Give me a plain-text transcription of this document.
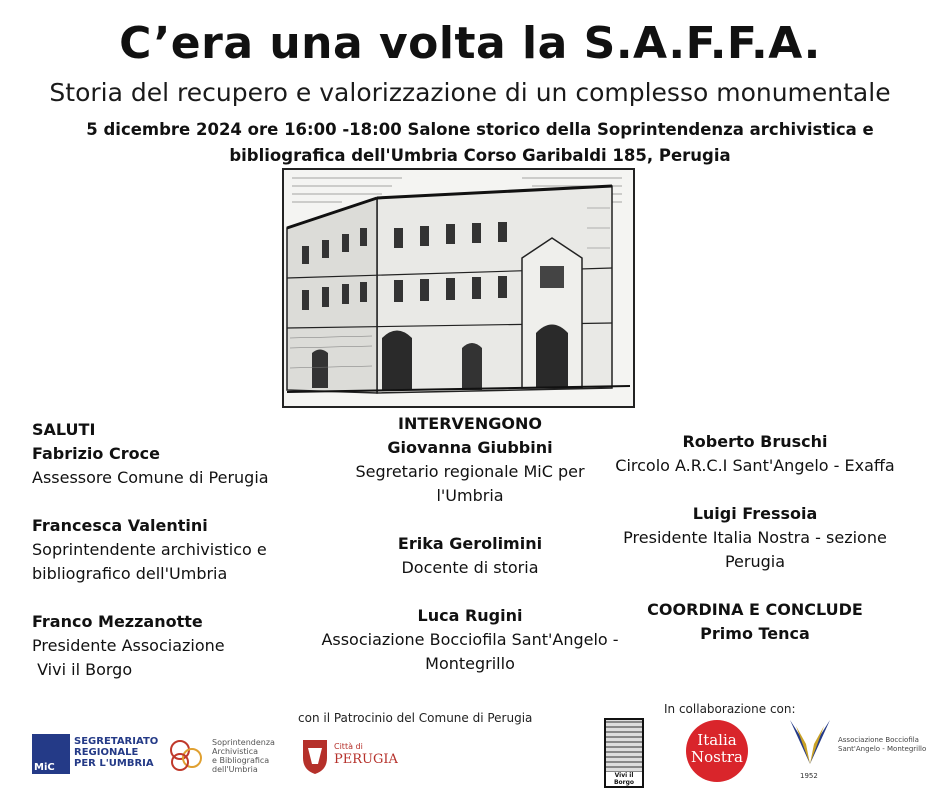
C’era una volta la S.A.F.F.A.
Storia del recupero e valorizzazione di un complesso monumentale
5 dicembre 2024 ore 16:00 -18:00 Salone storico della Soprintendenza archivistica e
bibliografica dell'Umbria Corso Garibaldi 185, Perugia
SALUTI
Fabrizio Croce
Assessore Comune di Perugia
Francesca Valentini
Soprintendente archivistico e
bibliografico dell'Umbria
Franco Mezzanotte
Presidente Associazione
Vivi il Borgo
INTERVENGONO
Giovanna Giubbini
Segretario regionale MiC per
l'Umbria
Erika Gerolimini
Docente di storia
Luca Rugini
Associazione Bocciofila Sant'Angelo -
Montegrillo
Roberto Bruschi
Circolo A.R.C.I Sant'Angelo - Exaffa
Luigi Fressoia
Presidente Italia Nostra - sezione
Perugia
COORDINA E CONCLUDE
Primo Tenca
con il Patrocinio del Comune di Perugia
In collaborazione con:
MiC
SEGRETARIATO
REGIONALE
PER L'UMBRIA
Soprintendenza
Archivistica
e Bibliografica
dell'Umbria
Città di
PERUGIA
Vivi il Borgo
Italia
Nostra
1952
Associazione Bocciofila
Sant'Angelo - Montegrillo
